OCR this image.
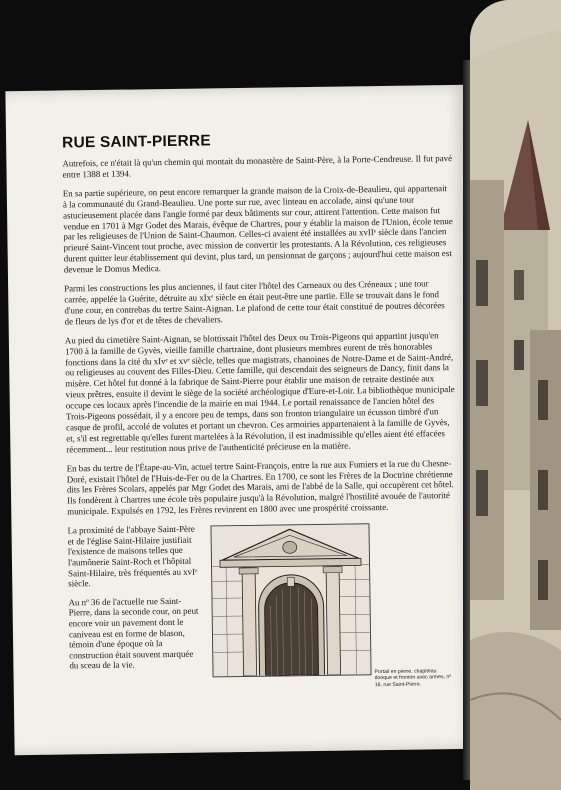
RUE SAINT-PIERRE

Autrefois, ce n'était là qu'un chemin qui montait du monastère de Saint-Père, à la Porte-Cendreuse. Il fut pavé entre 1388 et 1394.

En sa partie supérieure, on peut encore remarquer la grande maison de la Croix-de-Beaulieu, qui appartenait à la communauté du Grand-Beaulieu. Une porte sur rue, avec linteau en accolade, ainsi qu'une tour astucieusement placée dans l'angle formé par deux bâtiments sur cour, attirent l'attention. Cette maison fut vendue en 1701 à Mgr Godet des Marais, évêque de Chartres, pour y établir la maison de l'Union, école tenue par les religieuses de l'Union de Saint-Chaumon. Celles-ci avaient été installées au xvIIᵉ siècle dans l'ancien prieuré Saint-Vincent tout proche, avec mission de convertir les protestants. A la Révolution, ces religieuses durent quitter leur établissement qui devint, plus tard, un pensionnat de garçons ; aujourd'hui cette maison est devenue le Domus Medica.

Parmi les constructions les plus anciennes, il faut citer l'hôtel des Carneaux ou des Créneaux ; une tour carrée, appelée la Guérite, détruite au xIxᵉ siècle en était peut-être une partie. Elle se trouvait dans le fond d'une cour, en contrebas du tertre Saint-Aignan. Le plafond de cette tour était constitué de poutres décorées de fleurs de lys d'or et de têtes de chevaliers.

Au pied du cimetière Saint-Aignan, se blottissait l'hôtel des Deux ou Trois-Pigeons qui appartint jusqu'en 1700 à la famille de Gyvès, vieille famille chartraine, dont plusieurs membres eurent de très honorables fonctions dans la cité du xIvᵉ et xvᵉ siècle, telles que magistrats, chanoines de Notre-Dame et de Saint-André, ou religieuses au couvent des Filles-Dieu. Cette famille, qui descendait des seigneurs de Dancy, finit dans la misère. Cet hôtel fut donné à la fabrique de Saint-Pierre pour établir une maison de retraite destinée aux vieux prêtres, ensuite il devint le siège de la société archéologique d'Eure-et-Loir. La bibliothèque municipale occupe ces locaux après l'incendie de la mairie en mai 1944. Le portail renaissance de l'ancien hôtel des Trois-Pigeons possédait, il y a encore peu de temps, dans son fronton triangulaire un écusson timbré d'un casque de profil, accolé de volutes et portant un chevron. Ces armoiries appartenaient à la famille de Gyvès, et, s'il est regrettable qu'elles furent martelées à la Révolution, il est inadmissible qu'elles aient été effacées récemment... leur restitution nous prive de l'authenticité précieuse en la matière.

En bas du tertre de l'Étape-au-Vin, actuel tertre Saint-François, entre la rue aux Fumiers et la rue du Chesne-Doré, existait l'hôtel de l'Huis-de-Fer ou de la Chartres. En 1700, ce sont les Frères de la Doctrine chrétienne dits les Frères Scolars, appelés par Mgr Godet des Marais, ami de l'abbé de la Salle, qui occupèrent cet hôtel. Ils fondèrent à Chartres une école très populaire jusqu'à la Révolution, malgré l'hostilité avouée de l'autorité municipale. Expulsés en 1792, les Frères revinrent en 1800 avec une prospérité croissante.

La proximité de l'abbaye Saint-Père et de l'église Saint-Hilaire justifiait l'existence de maisons telles que l'aumônerie Saint-Roch et l'hôpital Saint-Hilaire, très fréquentés au xvIᵉ siècle.

Au nº 36 de l'actuelle rue Saint-Pierre, dans la seconde cour, on peut encore voir un pavement dont le caniveau est en forme de blason, témoin d'une époque où la construction était souvent marquée du sceau de la vie.

Portail en pierre, chapiteau dorique et fronton avec armes, nº 16, rue Saint-Pierre.
